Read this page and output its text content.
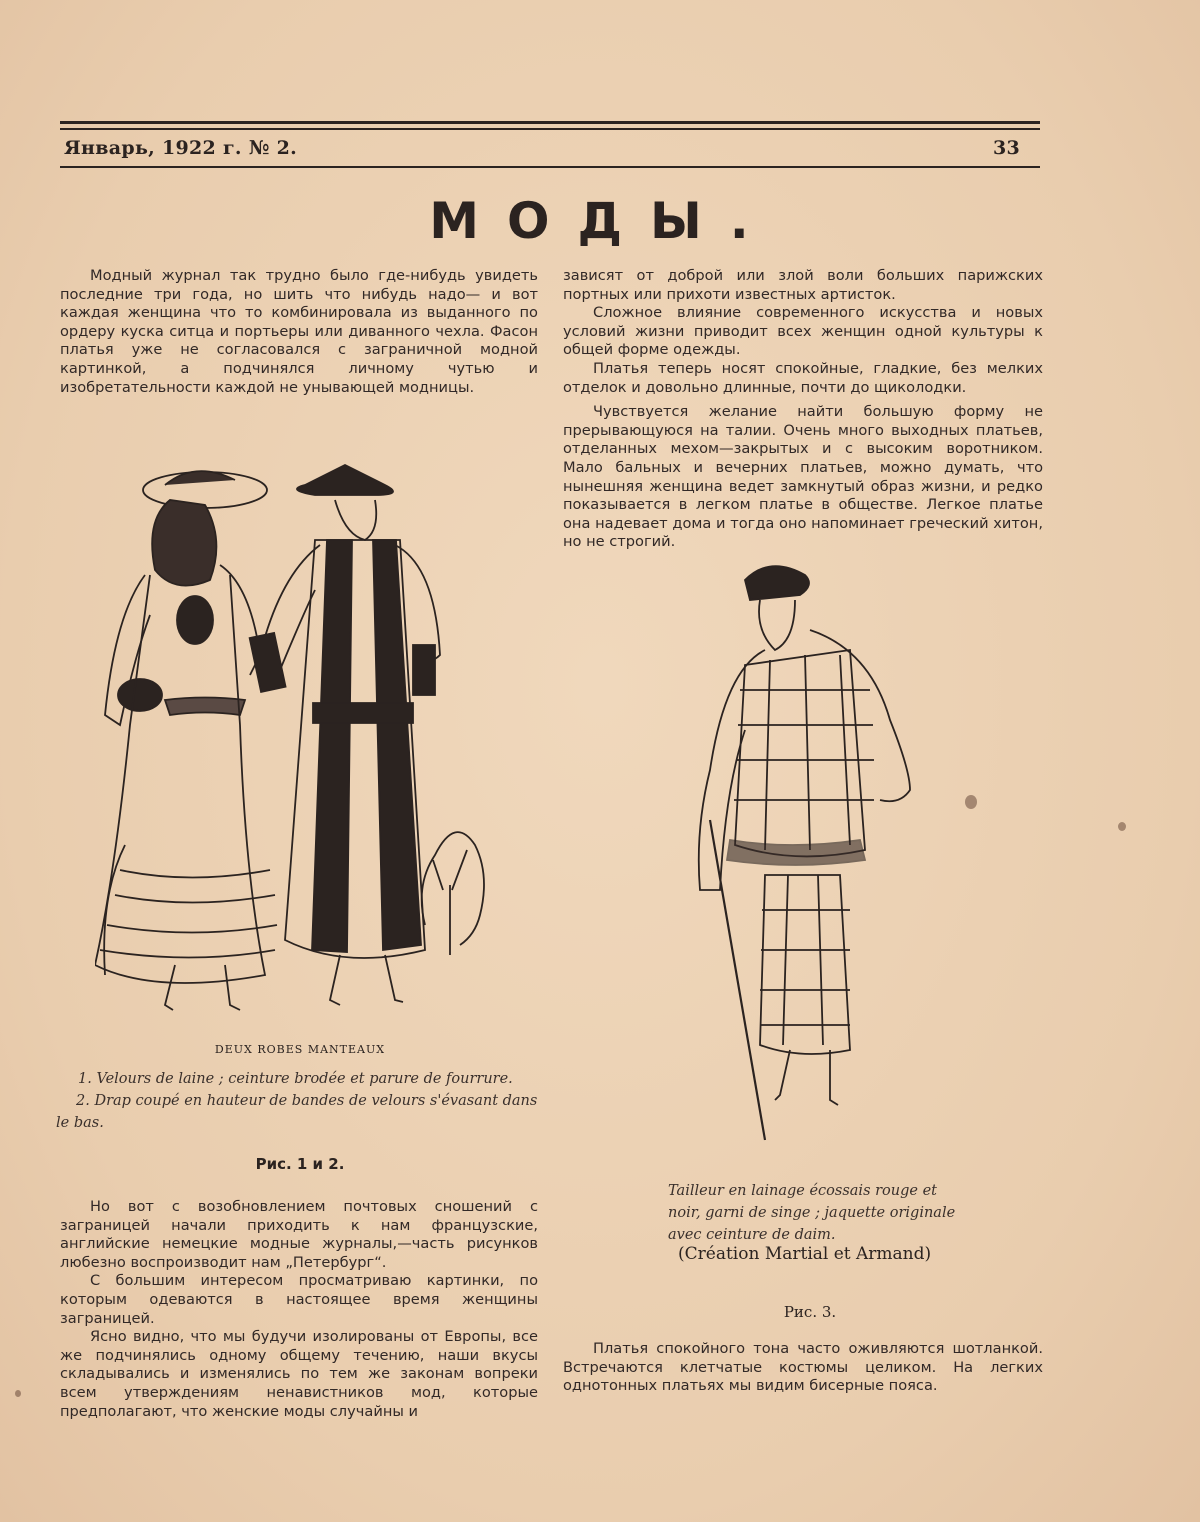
Январь, 1922 г. № 2.	33
МОДЫ.

Модный журнал так трудно было где-нибудь увидеть последние три года, но шить что нибудь надо— и вот каждая женщина что то комбинировала из выданного по ордеру куска ситца и портьеры или диванного чехла. Фасон платья уже не согласовался с заграничной модной картинкой, а подчинялся личному чутью и изобретательности каждой не унывающей модницы.

DEUX ROBES MANTEAUX
1. Velours de laine ; ceinture brodée et parure de fourrure.
2. Drap coupé en hauteur de bandes de velours s'évasant dans le bas.
Рис. 1 и 2.

Но вот с возобновлением почтовых сношений с заграницей начали приходить к нам французские, английские немецкие модные журналы,—часть рисунков любезно воспроизводит нам „Петербург“.

С большим интересом просматриваю картинки, по которым одеваются в настоящее время женщины заграницей.

Ясно видно, что мы будучи изолированы от Европы, все же подчинялись одному общему течению, наши вкусы складывались и изменялись по тем же законам вопреки всем утверждениям ненавистников мод, которые предполагают, что женские моды случайны и

зависят от доброй или злой воли больших парижских портных или прихоти известных артисток.

Сложное влияние современного искусства и новых условий жизни приводит всех женщин одной культуры к общей форме одежды.

Платья теперь носят спокойные, гладкие, без мелких отделок и довольно длинные, почти до щиколодки.

Чувствуется желание найти большую форму не прерывающуюся на талии. Очень много выходных платьев, отделанных мехом—закрытых и с высоким воротником. Мало бальных и вечерних платьев, можно думать, что нынешняя женщина ведет замкнутый образ жизни, и редко показывается в легком платье в обществе. Легкое платье она надевает дома и тогда оно напоминает греческий хитон, но не строгий.

Tailleur en lainage écossais rouge et noir, garni de singe ; jaquette originale avec ceinture de daim.
(Création Martial et Armand)
Рис. 3.

Платья спокойного тона часто оживляются шотланкой. Встречаются клетчатые костюмы целиком. На легких однотонных платьях мы видим бисерные пояса.
